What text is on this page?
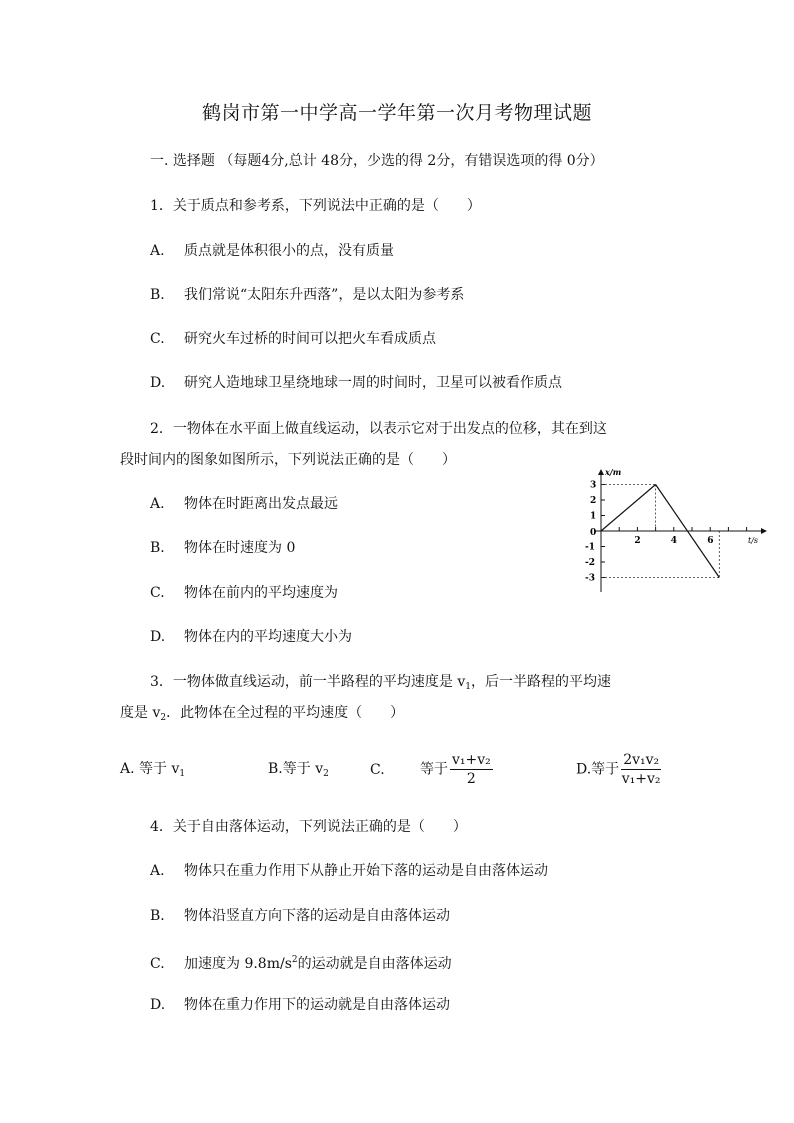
鹤岗市第一中学高一学年第一次月考物理试题
一. 选择题 （每题4分,总计 48分，少选的得 2分，有错误选项的得 0分）
1．关于质点和参考系，下列说法中正确的是（　　）
A. 质点就是体积很小的点，没有质量
B. 我们常说“太阳东升西落”，是以太阳为参考系
C. 研究火车过桥的时间可以把火车看成质点
D. 研究人造地球卫星绕地球一周的时间时，卫星可以被看作质点
2．一物体在水平面上做直线运动，以表示它对于出发点的位移，其在到这
段时间内的图象如图所示，下列说法正确的是（　　）
A. 物体在时距离出发点最远
B. 物体在时速度为 0
C. 物体在前内的平均速度为
D. 物体在内的平均速度大小为
x/m
t/s
0
2	4	6
3
2
1
-1
-2
-3
3．一物体做直线运动，前一半路程的平均速度是 $v_1$，后一半路程的平均速
度是 $v_2$．此物体在全过程的平均速度（　　）
A. 等于 $v_1$	B.等于 $v_2$	C.	等于 $\frac{\text{v₁+v₂}}{2}$	D.等于 $\frac{\text{2v₁v₂}}{\text{v₁+v₂}}$
4．关于自由落体运动，下列说法正确的是（　　）
A. 物体只在重力作用下从静止开始下落的运动是自由落体运动
B. 物体沿竖直方向下落的运动是自由落体运动
C. 加速度为 $9.8m/s^2$的运动就是自由落体运动
D. 物体在重力作用下的运动就是自由落体运动
